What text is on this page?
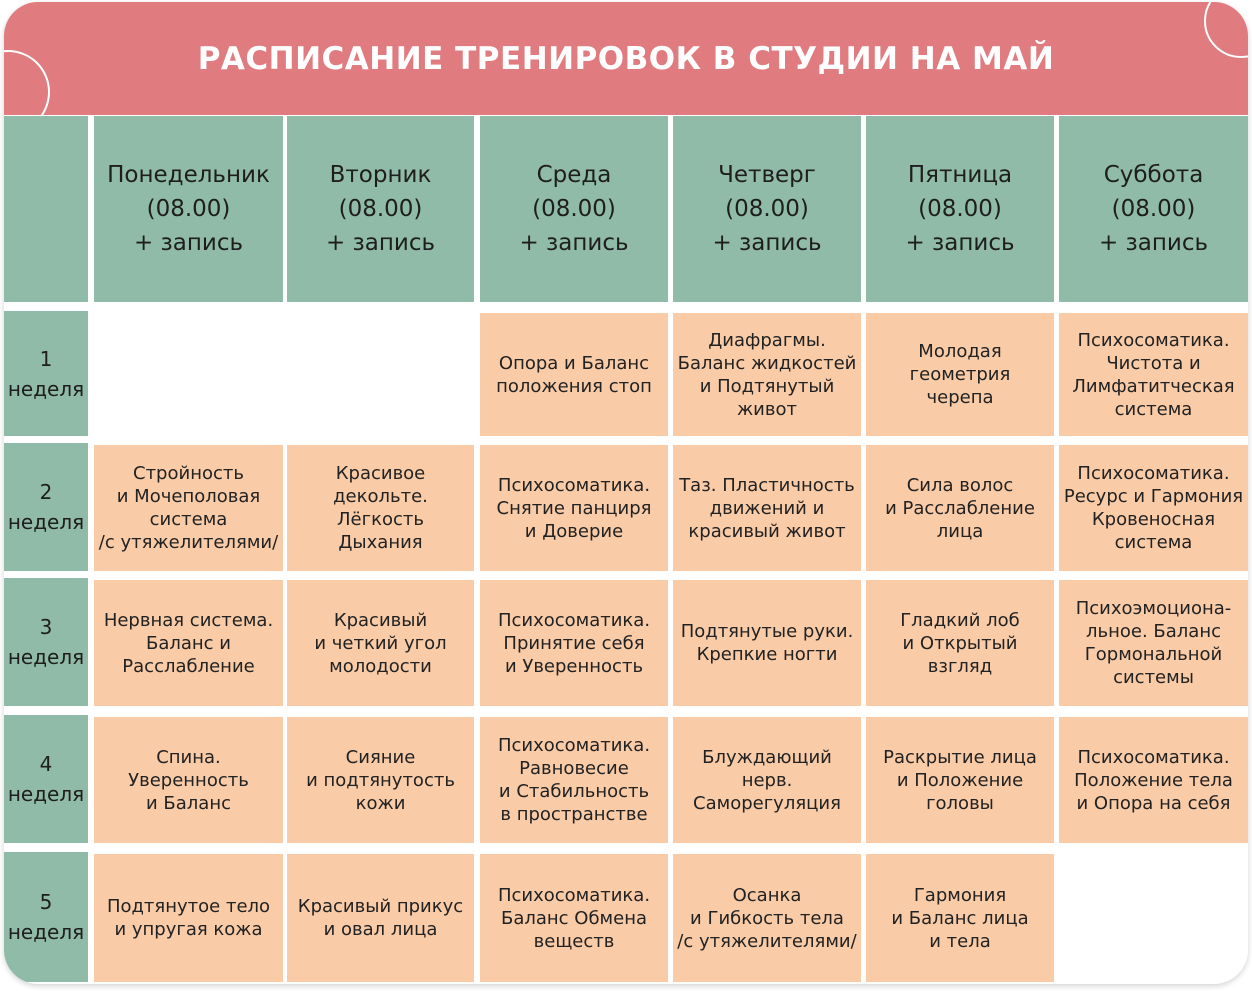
РАСПИСАНИЕ ТРЕНИРОВОК В СТУДИИ НА МАЙ
Понедельник
(08.00)
+ запись
Вторник
(08.00)
+ запись
Среда
(08.00)
+ запись
Четверг
(08.00)
+ запись
Пятница
(08.00)
+ запись
Суббота
(08.00)
+ запись
1
неделя
Опора и Баланс
положения стоп
Диафрагмы.
Баланс жидкостей
и Подтянутый
живот
Молодая
геометрия
черепа
Психосоматика.
Чистота и
Лимфатитческая
система
2
неделя
Стройность
и Мочеполовая
система
/с утяжелителями/
Красивое
декольте.
Лёгкость
Дыхания
Психосоматика.
Снятие панциря
и Доверие
Таз. Пластичность
движений и
красивый живот
Сила волос
и Расслабление
лица
Психосоматика.
Ресурс и Гармония
Кровеносная
система
3
неделя
Нервная система.
Баланс и
Расслабление
Красивый
и четкий угол
молодости
Психосоматика.
Принятие себя
и Уверенность
Подтянутые руки.
Крепкие ногти
Гладкий лоб
и Открытый
взгляд
Психоэмоциона-
льное. Баланс
Гормональной
системы
4
неделя
Спина.
Уверенность
и Баланс
Сияние
и подтянутость
кожи
Психосоматика.
Равновесие
и Стабильность
в пространстве
Блуждающий
нерв.
Саморегуляция
Раскрытие лица
и Положение
головы
Психосоматика.
Положение тела
и Опора на себя
5
неделя
Подтянутое тело
и упругая кожа
Красивый прикус
и овал лица
Психосоматика.
Баланс Обмена
веществ
Осанка
и Гибкость тела
/с утяжелителями/
Гармония
и Баланс лица
и тела
